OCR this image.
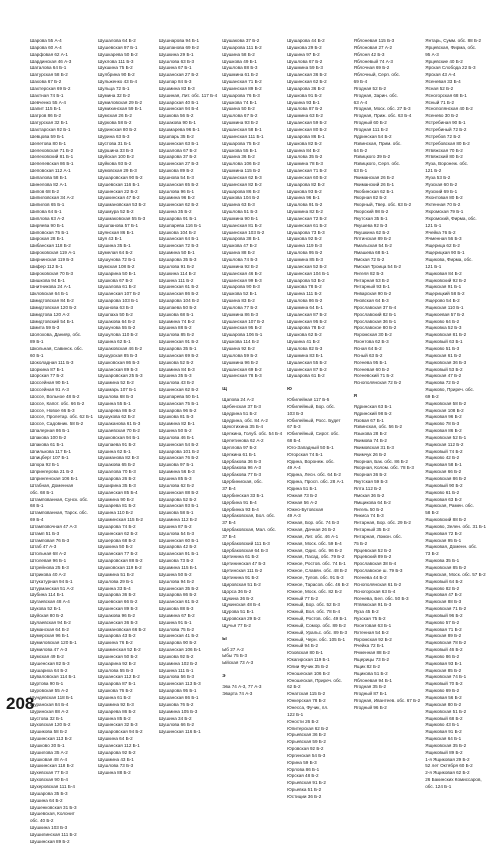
Шарова 55 А-4
Шарова 60 А-4
Шарфовая 62 А-1
Шардинская 46 А-3
Шаталова 64 Б-1
Шатурская 58 Б-2
Шахова 67 Б-2
Шахтерская 69 Б-2
Шахтная 74 Б-1
Шевченко 55 А-4
Шапит 115 Б-1
Шатров 86 Б-2
Шатурская 32 Б-1
Шахтарская 92 Б-1
Шевцова 59 Б-1
Шелетова 80 Б-1
Шелеховская 71 Б-2
Шелеховский 81 Б-1
Шепелевская 86 Б-1
Шеповская 112 А-1
Шипалова 58 Б-1
Шинелова 82 А-1
Шипов 68 Б-2
Шипиловская 34 А-2
Шипилов 65 Б-1
Шипова 64 Б-1
Шиплова 63 А-2
Ширяева 90 Б-1
Шиповская 75 Б-1
Широкая 28 Б-1
Шибанская 118 Б-2
Широковская 119 А-1
Ширнинская 119 Б-3
Шифер 112 Б-1
Широковская 70 Б-3
Шишкова 94 Б-1
Шнитникова 24 А-1
Шкловская 64 Б-1
Шмидтовская 84 Б-2
Шмидтовская 120 Б-2
Шмидтова 120 А-2
Шмидтовский 54 Б-1
Шмита 59 Б-3
Шолохова, Данияр, обс.
89 Б-1
Школьная, Савинск. обс.
60 Б-1
Шоколадная 111 Б-3
Шоркина 87 Б-1
Шорская 77 Б-2
Шоссейная 90 Б-1
Шоссейная 91 А-3
Шоссе, Вольное 48 Б-2
Шоссе, Капот. обс. 66 Б-2
Шоссе, Новое 66 Б-3
Шоссе, Пролетар. обс. 62 Б-1
Шоссе, Садовник. 58 Б-2
Шпалерная 86 Б-1
Шпакова 100 Б-2
Шпакова 61 Б-1
Шпилькова 117 Б-1
Шпицберг 107 Б-1
Шпора 92 Б-1
Шпрингерова 21 Б-2
Шпрингенская 106 Б-1
Штабная, Доменная
обс. 68 Б-1
Штампованная, Сунск. обс.
68 Б-1
Штампованная, Тарск. обс.
69 Б-4
Штамповочная 47 А-3
Штамп 51 Б-3
Штамповая 76 Б-3
Штаб 47 А-3
Штольная 68 А-2
Штолевая 96 Б-1
Штрейнова 25 Б-3
Штрикова 40 А-2
Штукатурная 94 Б-1
Штурманская 51 А-2
Шубина 114 Б-1
Шугаевская 48 А-4
Шукова 52 Б-1
Шуйская 80 Б-2
Шулаевская 94 Б-2
Шуманская 64 Б-2
Шумерская 96 Б-1
Шумиловская 120 Б-1
Шумилова 47 А-3
Шумская 49 Б-2
Шушенская 82 Б-3
Шушариха 64 Б-2
Шуваловская 114 Б-1
Шуртова 90 Б-1
Шуровская 55 А-2
Шундевская 118 Б-1
Шуранская 84 Б-4
Шуринская 88 А-2
Шустова 32 Б-1
Шуховская 120 Б-2
Шушикова 58 Б-2
Шушинская 113 Б-2
Шушково 30 Б-1
Шушилова 35 А-2
Шушковая 48 А-4
Шушкинская 118 Б-2
Шухевская 77 Б-3
Шуховская 90 Б-4
Шухеровская 111 Б-4
Шушарова 35 Б-3
Шушина 64 Б-2
Шушенковская 31 Б-3
Шушевская, Колонит
обс. 40 Б-2
Шушкина 103 Б-3
Шушилинская 111 Б-2
Шушинская 89 Б-2
Шушалова 64 Б-2
Шушевская 97 Б-1
Шушкарева 50 Б-2
Шуклова 111 Б-3
Шукшина 75 Б-2
Шулбрина 90 Б-2
Шульженко 43 Б-4
Шульца 72 Б-1
Шумина 32 Б-2
Шумиловская 29 Б-2
Шумихинская 59 Б-1
Шумская 26 Б-2
Шуркова 58 Б-2
Шуринская 80 Б-2
Шурина 63 Б-3
Шустова 31 Б-1
Шуршина 33 Б-3
Шуйская 100 Б-2
Шуйкова 93 Б-2
Шумовская 29 Б-3
Шушаровская 90 Б-2
Шушевская 116 Б-1
Шушинская 22 Б-2
Шушкинская 47 Б-2
Шушмановская 53 Б-2
Шушмура 52 Б-2
Шушмаковская 55 Б-3
Шушпанова 57 Б-1
Шуянская 86 Б-1
Шуя 43 Б-1
Шушина 35 Б-1
Шумелая 64 Б-2
Шушунова 72 Б-1
Шумская 108 Б-2
Шушарина 50 Б-1
Шушкова 67 Б-2
Шушалова 61 Б-2
Шушанская 107 Б-2
Шушарова 103 Б-1
Шушнова 63 Б-3
Шушпаха 50 Б-2
Шушакова 64 Б-2
Шушунова 55 Б-2
Шушулова 110 Б-2
Шушина 62 Б-1
Шушаковская 46 Б-2
Шушурская 85 Б-3
Шушковская 86 Б-3
Шушанская 89 Б-3
Шушаровская 25 Б-3
Шушмина 52 Б-2
Шушмарь 107 Б-1
Шушлова 68 Б-3
Шушина 55 Б-1
Шушарева 86 Б-2
Шушукова 62 Б-2
Шушаканова 61 Б-3
Шушаевская 70 Б-2
Шушковская 94 Б-1
Шушпаева 91 Б-2
Шушина 62 Б-1
Шушманова 82 Б-3
Шушакова 65 Б-2
Шушалова 70 Б-3
Шушарова 26 Б-2
Шуширина 35 Б-3
Шушанская 85 Б-4
Шушмина 90 Б-2
Шушарева 81 Б-2
Шушина 110 Б-2
Шушминская 115 Б-2
Шушарова 74 Б-2
Шушинская 62 Б-2
Шушерова 68 Б-2
Шушкина 50 Б-2
Шушанская 77 Б-2
Шушаровская 88 Б-2
Шушковская 119 Б-2
Шушмина 51 Б-2
Шушлова 29 Б-1
Шушина 33 Б-4
Шушарова 36 Б-2
Шушевская 66 Б-2
Шушинская 89 Б-3
Шушакова 96 Б-2
Шушанская 36 Б-3
Шушмановская 66 Б-2
Шушарова 43 Б-2
Шушкина 76 Б-2
Шушминская 52 Б-2
Шушинская 50 Б-2
Шушарина 92 Б-2
Шушлова 55 Б-3
Шушанская 112 Б-2
Шушарова 87 Б-1
Шушкова 76 Б-2
Шушина 61 Б-2
Шушмина 92 Б-3
Шушарева 86 Б-2
Шушина 85 Б-2
Шушинская 32 Б-3
Шушаровская 94 Б-2
Шушкина 64 Б-2
Шушанская 112 Б-1
Шушарова 92 Б-2
Шушмина 43 Б-1
Шушлова 73 Б-3
Шушина 88 Б-2
Шушнарова 94 Б-1
Шушпанова 69 Б-2
Шушкина 29 Б-1
Шушлова 63 Б-3
Шушина 67 Б-1
Шушанская 27 Б-2
Шушпар 84 Б-3
Шушмина 83 Б-3
Шушиная, Лит. обс. 117 Б-4
Шушарская 40 Б-1
Шушинская 94 Б-4
Шушкова 56 Б-2
Шушакова 90 Б-1
Шушмарева 96 Б-1
Шушпарь 35 Б-2
Шушинская 63 Б-1
Шушалова 67 Б-2
Шушарова 37 Б-2
Шушинская 27 Б-3
Шушкова 89 Б-2
Шушнова 54 Б-3
Шушанская 65 Б-2
Шушлова 96 Б-1
Шушмина 96 Б-2
Шушинская 62 Б-2
Шушина 35 Б-2
Шушарова 91 Б-1
Шушпарева 116 Б-1
Шушкова 104 Б-2
Шушанская 64 Б-1
Шушинская 72 Б-3
Шушмина 50 Б-1
Шушарова 35 Б-3
Шушлова 91 Б-2
Шушкина 114 Б-2
Шушина 111 Б-2
Шушинская 61 Б-2
Шушанская 86 Б-2
Шушарова 104 Б-2
Шушпаева 50 Б-2
Шушкова 68 Б-1
Шушмина 74 Б-2
Шушина 88 Б-2
Шушлова 85 Б-2
Шушинская 91 Б-2
Шушарова 35 Б-1
Шушанская 69 Б-2
Шушкова 52 Б-2
Шушмина 84 Б-3
Шушина 35 Б-3
Шушлова 43 Б-2
Шушинская 62 Б-2
Шушпарева 50 Б-1
Шушанская 75 Б-1
Шушарова 96 Б-2
Шушкова 81 Б-3
Шушмина 82 Б-1
Шушина 50 Б-2
Шушлова 46 Б-1
Шушинская 54 Б-2
Шушарова 101 Б-2
Шушанская 76 Б-2
Шушкова 97 Б-1
Шушмина 56 Б-3
Шушина 85 Б-3
Шушлова 62 Б-2
Шушинская 88 Б-2
Шушарова 52 Б-2
Шушанская 93 Б-1
Шушкова 58 Б-1
Шушмина 112 Б-2
Шушина 87 Б-2
Шушлова 54 Б-3
Шушинская 60 Б-1
Шушарова 42 Б-2
Шушанская 91 Б-1
Шушкова 73 Б-2
Шушмина 115 Б-1
Шушина 50 Б-2
Шушлова 94 Б-2
Шушинская 35 Б-2
Шушарова 86 Б-2
Шушанская 61 Б-2
Шушкова 88 Б-3
Шушмина 67 Б-2
Шушина 91 Б-1
Шушлова 75 Б-2
Шушинская 41 Б-2
Шушарова 90 Б-2
Шушанская 106 Б-1
Шушкова 92 Б-2
Шушмина 102 Б-2
Шушина 111 Б-1
Шушлова 56 Б-3
Шушинская 113 Б-3
Шушарова 95 Б-1
Шушанская 86 Б-1
Шушкова 76 Б-2
Шушмина 105 Б-3
Шушина 34 Б-2
Шушлова 66 Б-2
Шушинская 116 Б-1
Шушакова 37 Б-2
Шушарова 111 Б-2
Шушина 58 Б-2
Шушкова 49 Б-1
Шушлова 88 Б-3
Шушмина 61 Б-2
Шушанская 71 Б-2
Шушинская 89 Б-2
Шушарова 76 Б-3
Шушкова 74 Б-1
Шушина 50 Б-2
Шушлова 67 Б-2
Шушмина 93 Б-2
Шушанская 58 Б-1
Шушинская 111 Б-1
Шушарова 75 Б-2
Шушкова 55 Б-1
Шушина 36 Б-2
Шушлова 106 Б-2
Шушмина 115 Б-2
Шушанская 62 Б-3
Шушинская 82 Б-2
Шушарова 86 Б-2
Шушкова 104 Б-2
Шушина 63 Б-3
Шушлова 51 Б-3
Шушмина 90 Б-1
Шушанская 81 Б-2
Шушинская 103 Б-2
Шушарова 38 Б-1
Шушкова 47 Б-2
Шушина 88 Б-2
Шушлова 74 Б-3
Шушмина 92 Б-2
Шушанская 46 Б-2
Шушинская 99 Б-3
Шушарова 90 Б-3
Шушкова 52 Б-1
Шушина 83 Б-2
Шушлова 77 Б-2
Шушмина 86 Б-3
Шушанская 107 Б-2
Шушинская 95 Б-2
Шушарова 106 Б-1
Шушкова 114 Б-2
Шушина 92 Б-2
Шушлова 59 Б-2
Шушмина 96 Б-2
Шушанская 69 Б-2
Шушинская 78 Б-3
Щ
Щапова 24 А-2
Щебенская 37 Б-3
Щедрина 51 Б-2
Щедрина, обс. 84 А-2
Щекотихина 35 Б-4
Щепкина, Голуб. обс. 54 Б-4
Щепетинова 62 А-2
Щеплова 97 Б-2
Щепкина 61 Б-1
Щербакова 36 Б-3
Щербакова 96 А-3
Щербакова 77 Б-3
Щербиниская, обс.
37 Б-4
Щербинская 33 Б-1
Щербина 91 Б-4
Щербинка 93 Б-4
Щербаковская, Бол. обс.
37 Б-4
Щербаковская, Мал. обс.
37 Б-4
Щербаковский 111 Б-3
Щербаковская 64 Б-3
Щетинина 61 Б-2
Щетининская 47 Б-3
Щетинская 111 Б-2
Щетинина 91 Б-2
Щировская 51 Б-2
Щорса 36 Б-2
Щукина 36 Б-2
Щукинская 48 Б-4
Щурова 51 Б-1
Щуровская 29 Б-2
Щучья 77 Б-2
Ы
Ыб 27 А-2
Ыбы 75 Б-3
Ыйская 73 А-3
Э
Эва 74 А-3, 77 А-3
Эварта 74 А-3
Шушарова 44 Б-2
Шушкова 29 Б-2
Шушина 97 Б-2
Шушлова 67 Б-2
Шушмина 59 Б-3
Шушанская 36 Б-2
Шушинская 62 Б-2
Шушарова 36 Б-2
Шушкова 91 Б-2
Шушина 93 Б-1
Шушлова 87 Б-2
Шушмина 63 Б-2
Шушанская 59 Б-2
Шушинская 80 Б-2
Шушарова 86 Б-1
Шушкова 82 Б-2
Шушина 84 Б-2
Шушлова 35 Б-2
Шушмина 78 Б-3
Шушанская 71 Б-2
Шушинская 60 Б-2
Шушарова 82 Б-2
Шушкова 93 Б-2
Шушина 96 Б-1
Шушлова 91 Б-2
Шушмина 82 Б-2
Шушанская 72 Б-2
Шушинская 61 Б-2
Шушарова 73 Б-3
Шушкова 92 Б-2
Шушина 119 Б-3
Шушлова 95 Б-2
Шушмина 85 Б-3
Шушанская 52 Б-2
Шушинская 104 Б-1
Шушарова 53 Б-2
Шушкова 78 Б-2
Шушина 111 Б-2
Шушлова 86 Б-2
Шушмина 64 Б-1
Шушанская 87 Б-2
Шушинская 95 Б-2
Шушарова 78 Б-2
Шушкова 62 Б-2
Шушина 41 Б-2
Шушлова 82 Б-3
Шушмина 83 Б-1
Шушанская 55 Б-2
Шушинская 87 Б-2
Шушарова 61 Б-2
Ю
Юбилейная 117 Б-5
Юбилейный, Бор. обс.
103 Б-3
Юбилейный, Росс. Будет
67 Б-3
Юбилейный, Сирот. обс.
68 Б-4
Юго-Западный 50 Б-1
Югорская 74 Б-1
Юдина, Воронеж. обс.
49 А-4
Юдина, Лесн. обс. 64 Б-2
Юдина, Просп. обс. 28 А-1
Юдина 51 Б-1
Южная 73 Б-2
Южная 56 А-2
Южно-Бутовская
49 А-3
Южная, Бор. обс. 74 Б-3
Южная, Дачная 26 Б-2
Южная, Лит. обс. 46 А-1
Южная, Моск. обс. 59 Б-4
Южная, Одис. обс. 96 Б-2
Южная, Пасад. обс. 79 Б-2
Южное, Ростов. обс. 74 Б-1
Южное, Славян. обс. 48 Б-2
Южное, Тулов. обс. 91 Б-3
Южное, Тарасов. обс. 46 Б-2
Южное, Моск. обс. 82 Б-2
Южный 77 Б-2
Южный, Бор. обс. 52 Б-3
Южный, Вол. обс. 78 Б-4
Южный, Ростов. обс. 49 Б-1
Южный, Сомор. обс. 89 Б-2
Южный, Уральс. обс. 89 Б-3
Южный, Черн. обс. 105 Б-1
Южный 94 Б-2
Юзовская 80 Б-1
Юкагирская 119 Б-1
Юлии Фучик 35 Б-2
Юношеская 106 Б-2
Юношеская, Приреч. обс.
62 Б-2
Юнатская 115 Б-2
Юнкерская 78 Б-2
Юнесса, Фучик, пл.
122 Б-1
Юности 26 Б-2
Юпитерская 62 Б-2
Юрьевская 36 Б-2
Юрьевская 59 Б-2
Юровская 92 Б-2
Юргинская 54 Б-3
Юрина 59 Б-3
Юрлова 86 Б-1
Юрская 48 Б-2
Юрьевская 91 Б-2
Юрьевка 51 Б-2
Юстиции 36 Б-2
Яблоневая 115 Б-3
Яблоновая 27 А-2
Яблоня 42 Б-3
Яблоневый 74 А-3
Яблочная 69 Б-2
Яблочный, Серп. обс.
69 Б-4
Ягодная 52 Б-2
Ягодная, Зарин. обс.
63 А-4
Ягодная, Моск. обс. 27 Б-3
Ягодная, Приж. обс. 63 Б-4
Ягодный 60 Б-2
Ягодная 111 Б-2
Ядринская 54 Б-2
Язвинская, Прим. обс.
64 Б-2
Язвицкого 39 Б-2
Язвицкого, Серп. обс.
63 Б-1
Якиманская 26 Б-2
Якиманский 26 Б-1
Якобинская 62 Б-1
Якорная 82 Б-2
Якорный, Твер. обс. 63 Б-2
Якорский 98 Б-2
Якутская 35 Б-1
Якушева 92 Б-3
Якушкина 62 Б-2
Ялтинская 89 Б-2
Ямальская 54 Б-2
Ямашева 68 Б-1
Ямская 72 Б-2
Ямская Троица 54 Б-2
Янгеля 82 Б-3
Янтарная 53 Б-2
Янтарный 93 Б-1
Январская 90 Б-2
Яновская 64 Б-3
Ярославская 37 Б-4
Ярославский 82 Б-1
Ярославская 36 Б-1
Ярославское 80 Б-2
Яхромская 30 Б-2
Яхонтова 62 Б-3
Ясная 64 Б-2
Ясный 63 Б-2
Ясенева 95 Б-1
Ясеневая 60 Б-2
Ясеневский 71 Б-2
Яснополянская 72 Б-2
Я
Ядринская 63 Б-1
Ядринский 98 Б-2
Язовая 67 Б-1
Язвинская, обс. 56 Б-2
Языкова 28 Б-2
Якимова 74 Б-2
Якимовская 31 Б-3
Якимчук 26 Б-2
Якорная, Бак. обс. 86 Б-2
Якорная, Колом. обс. 78 Б-3
Якорная 36 Б-2
Якутская 59 Б-3
Ялта 112 Б-2
Ямская 36 Б-2
Ямщикова 64 Б-2
Янгель 50 Б-2
Янкиса 74 Б-3
Янтарная, Бор. обс. 29 Б-2
Янтарный 35 Б-2
Янтарная, Ломон. обс.
75 Б-2
Ярцевская 52 Б-2
Ярцевский 89 Б-2
Ярославская 38 Б-4
Ярославское ш. 79 Б-3
Ясенева 44 Б-2
Яснополянская 61 Б-2
Ясногорская 63 Б-4
Ясенева, Бел. обс. 50 Б-3
Ятвяжская 91 Б-3
Яуза 45 Б-2
Яузская 75 Б-2
Яхонтовая 63 Б-1
Яхтенная 54 Б-2
Яхромская 92 Б-2
Ячейка 72 Б-1
Ячменная 88 Б-2
Ящерицы 73 Б-2
Ящик 82 Б-2
Ящикова 51 Б-2
Яблоневая 94 Б-1
Ягодная 35 Б-2
Ягодный 87 Б-1
Ягодная, Ивантеев. обс. 67 Б-2
Ягодный 96 Б-2
Янтарь, Сумм. обс. 88 Б-2
Ярцевская, Фирма, обс.
95 А-3
Ярцевские 40 Б-2
Ярская Слобода 22 Б-3
Ярская 43 А-4
Ясеневая 33 Б-4
Ясная 52 Б-2
Ясногорская 68 Б-1
Ясный 71 Б-2
Яснополянская 40 Б-2
Ясенево 30 Б-2
Ястребиная 90 Б-1
Ястребиный 72 Б-2
Ястребов 72 Б-2
Ястребовская 80 Б-2
Ятвяжская 70 Б-2
Ятвяжский 80 Б-2
Яуза, Воронеж. обс.
121 Б-2
Яуза 53 Б-2
Яузская 60 Б-2
Яузский 69 Б-1
Яхонтовая 80 Б-2
Яхтенная 70 Б-2
Яхромская 79 Б-1
Яхромский, Фирма, обс.
121 Б-1
Ячейка 76 Б-2
Ячменная 56 Б-3
Ящерица 62 Б-2
Ящерицкая 90 Б-1
Ящикова, Фирма, обс.
121 Б-1
Ящиковая 84 Б-2
Ящиковский 92 Б-2
Ящикская 91 Б-1
Ящерицкий 58 Б-2
Ящерово 54 Б-2
Ящикская 110 Б-1
Ящикоевая 57 Б-2
Ящиково 64 Б-2
Ящиковка 52 Б-3
Ящиковская 81 Б-2
Ящиковый 63 Б-1
Ящиково 51 Б-3
Ящикская 61 Б-2
Ящиковская 36 Б-3
Ящиковый 53 Б-2
Ящикская 47 Б-2
Ящикова 72 Б-2
Ящиково, Приреч. обс.
69 Б-2
Ящиковская 58 Б-2
Ящикская 108 Б-2
Ящиковая 96 Б-2
Ящиково 78 Б-3
Ящиковая 86 Б-2
Ящиковская 52 Б-1
Ящикская 112 Б-2
Ящиковый 74 Б-2
Ящиково 42 Б-2
Ящиковая 58 Б-1
Ящикская 66 Б-2
Ящиковская 86 Б-2
Ящиковый 90 Б-2
Ящиково 61 Б-2
Ящиковая 63 Б-2
Ящикская, Рамен. обс.
58 Б-2
Ящиковский 88 Б-2
Ящиково, Зелен. обс. 31 Б-1
Ящиковая 72 Б-2
Ящикская 95 Б-1
Ящиковая, Доменн. обс.
73 Б-2
Ящикова 35 Б-1
Ящиковская 85 Б-2
Ящикская, Моск. обс. 57 Б-2
Ящиковый 64 Б-2
Ящиково 82 Б-2
Ящиковая 47 Б-2
Ящикская 88 Б-3
Ящиковская 71 Б-2
Ящиковый 96 Б-2
Ящиково 57 Б-2
Ящиковая 71 Б-2
Ящикская 89 Б-2
Ящиковская 78 Б-2
Ящиковый 46 Б-2
Ящиково 86 Б-2
Ящиковая 93 Б-1
Ящикская 85 Б-2
Ящиковская 74 Б-1
Ящиковый 70 Б-2
Ящиково 69 Б-2
Ящиковая 56 Б-2
Ящикская 80 Б-2
Ящиковская 51 Б-2
Ящиковый 68 Б-2
Ящиково 43 Б-1
Ящиковая 91 Б-2
Ящикская 64 Б-1
Ящиковская 35 Б-2
Ящиковый 89 Б-2
1-я Ящиковая 29 Б-2
52 лет Октября 60 Б-2
2-я Ящиковая 62 Б-2
26 Бакинских Комиссаров,
обс. 124 Б-1
208
